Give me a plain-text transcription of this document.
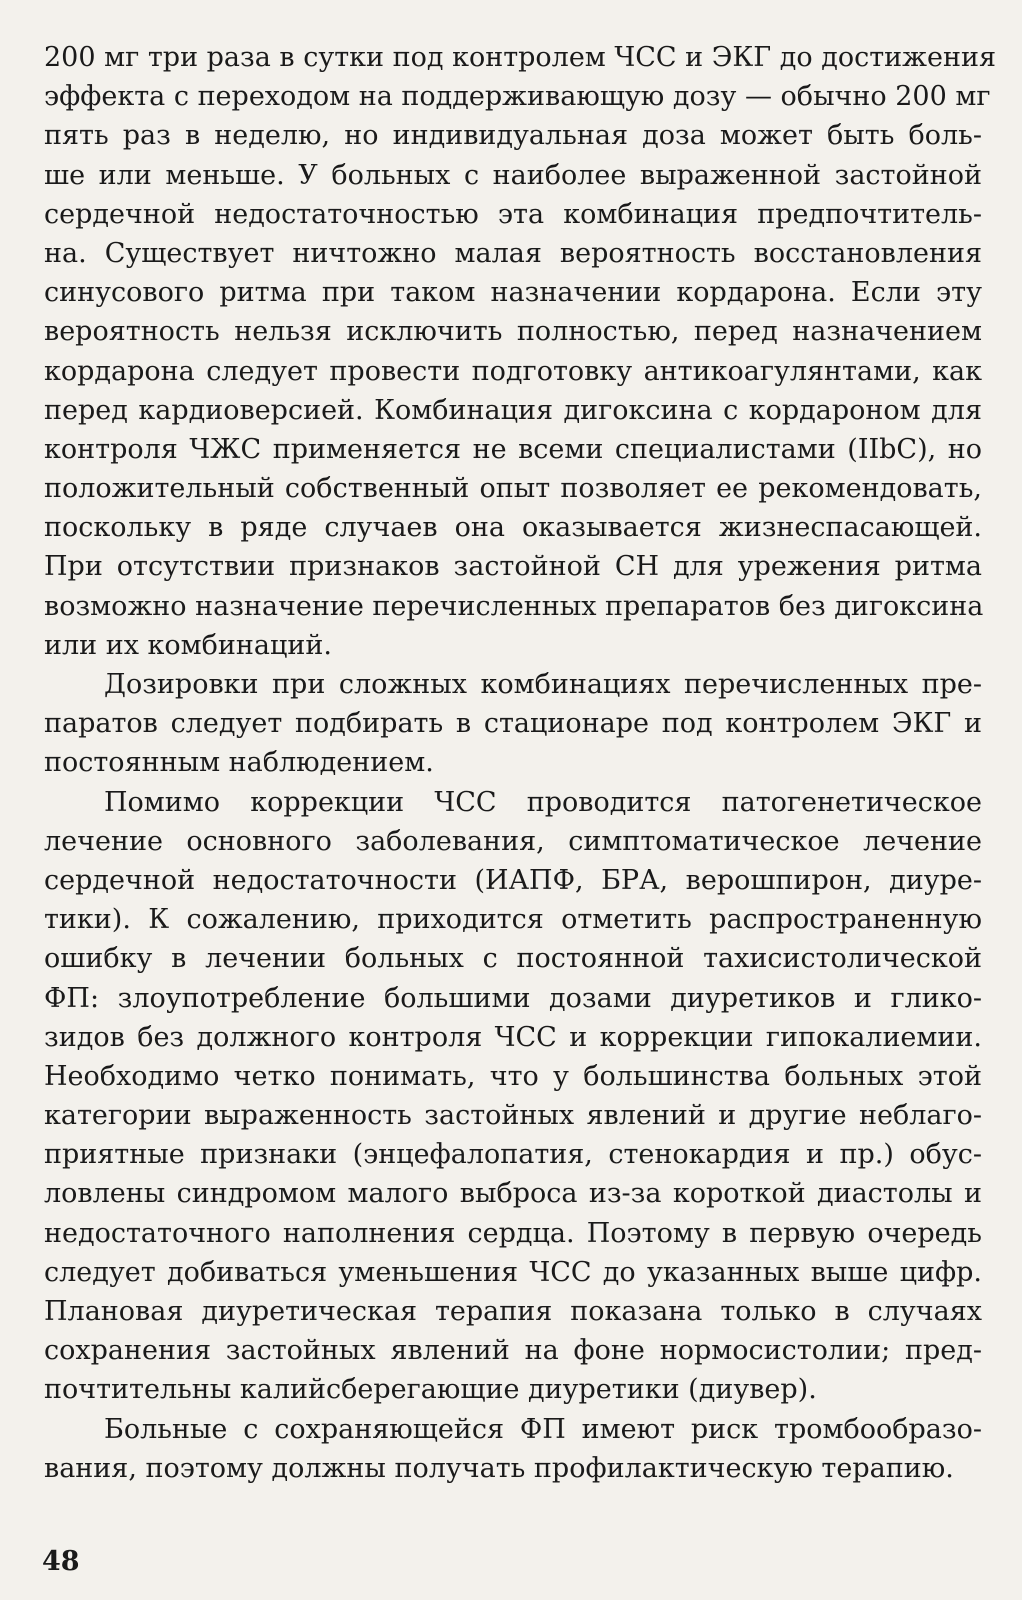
200 мг три раза в сутки под контролем ЧСС и ЭКГ до достижения
эффекта с переходом на поддерживающую дозу — обычно 200 мг
пять раз в неделю, но индивидуальная доза может быть боль-
ше или меньше. У больных с наиболее выраженной застойной
сердечной недостаточностью эта комбинация предпочтитель-
на. Существует ничтожно малая вероятность восстановления
синусового ритма при таком назначении кордарона. Если эту
вероятность нельзя исключить полностью, перед назначением
кордарона следует провести подготовку антикоагулянтами, как
перед кардиоверсией. Комбинация дигоксина с кордароном для
контроля ЧЖС применяется не всеми специалистами (IIbC), но
положительный собственный опыт позволяет ее рекомендовать,
поскольку в ряде случаев она оказывается жизнеспасающей.
При отсутствии признаков застойной СН для урежения ритма
возможно назначение перечисленных препаратов без дигоксина
или их комбинаций.
Дозировки при сложных комбинациях перечисленных пре-
паратов следует подбирать в стационаре под контролем ЭКГ и
постоянным наблюдением.
Помимо коррекции ЧСС проводится патогенетическое
лечение основного заболевания, симптоматическое лечение
сердечной недостаточности (ИАПФ, БРА, верошпирон, диуре-
тики). К сожалению, приходится отметить распространенную
ошибку в лечении больных с постоянной тахисистолической
ФП: злоупотребление большими дозами диуретиков и глико-
зидов без должного контроля ЧСС и коррекции гипокалиемии.
Необходимо четко понимать, что у большинства больных этой
категории выраженность застойных явлений и другие неблаго-
приятные признаки (энцефалопатия, стенокардия и пр.) обус-
ловлены синдромом малого выброса из-за короткой диастолы и
недостаточного наполнения сердца. Поэтому в первую очередь
следует добиваться уменьшения ЧСС до указанных выше цифр.
Плановая диуретическая терапия показана только в случаях
сохранения застойных явлений на фоне нормосистолии; пред-
почтительны калийсберегающие диуретики (диувер).
Больные с сохраняющейся ФП имеют риск тромбообразо-
вания, поэтому должны получать профилактическую терапию.
48
